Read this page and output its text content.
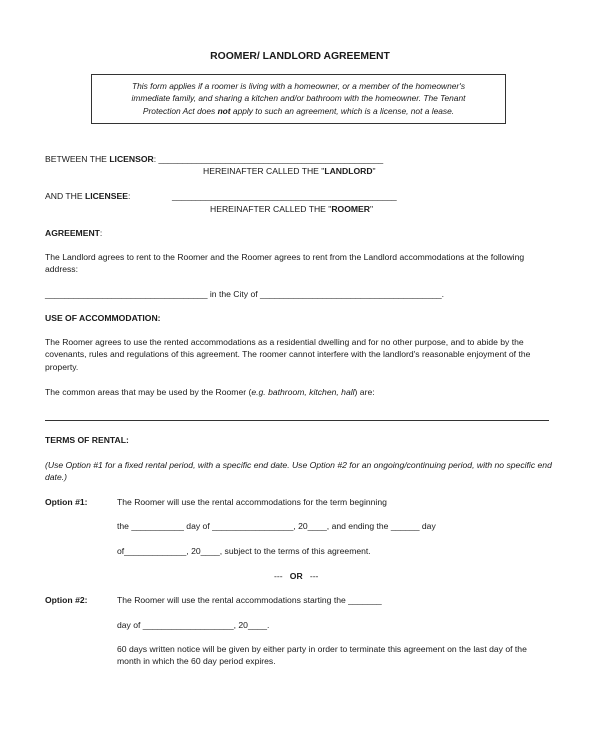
ROOMER/ LANDLORD AGREEMENT
This form applies if a roomer is living with a homeowner, or a member of the homeowner's
immediate family, and sharing a kitchen and/or bathroom with the homeowner. The Tenant
Protection Act does not apply to such an agreement, which is a license, not a lease.
BETWEEN THE LICENSOR: _______________________________________________
HEREINAFTER CALLED THE "LANDLORD"
AND THE LICENSEE:	_______________________________________________
HEREINAFTER CALLED THE "ROOMER"
AGREEMENT:
The Landlord agrees to rent to the Roomer and the Roomer agrees to rent from the Landlord accommodations at the following address:
__________________________________ in the City of ______________________________________.
USE OF ACCOMMODATION:
The Roomer agrees to use the rented accommodations as a residential dwelling and for no other purpose, and to abide by the covenants, rules and regulations of this agreement. The roomer cannot interfere with the landlord's reasonable enjoyment of the property.
The common areas that may be used by the Roomer (e.g. bathroom, kitchen, hall) are:
TERMS OF RENTAL:
(Use Option #1 for a fixed rental period, with a specific end date. Use Option #2 for an ongoing/continuing period, with no specific end date.)
Option #1:	The Roomer will use the rental accommodations for the term beginning
the ___________ day of _________________, 20____, and ending the ______ day
of_____________, 20____, subject to the terms of this agreement.
--- OR ---
Option #2:	The Roomer will use the rental accommodations starting the _______
day of ___________________, 20____.
60 days written notice will be given by either party in order to terminate this agreement on the last day of the month in which the 60 day period expires.
